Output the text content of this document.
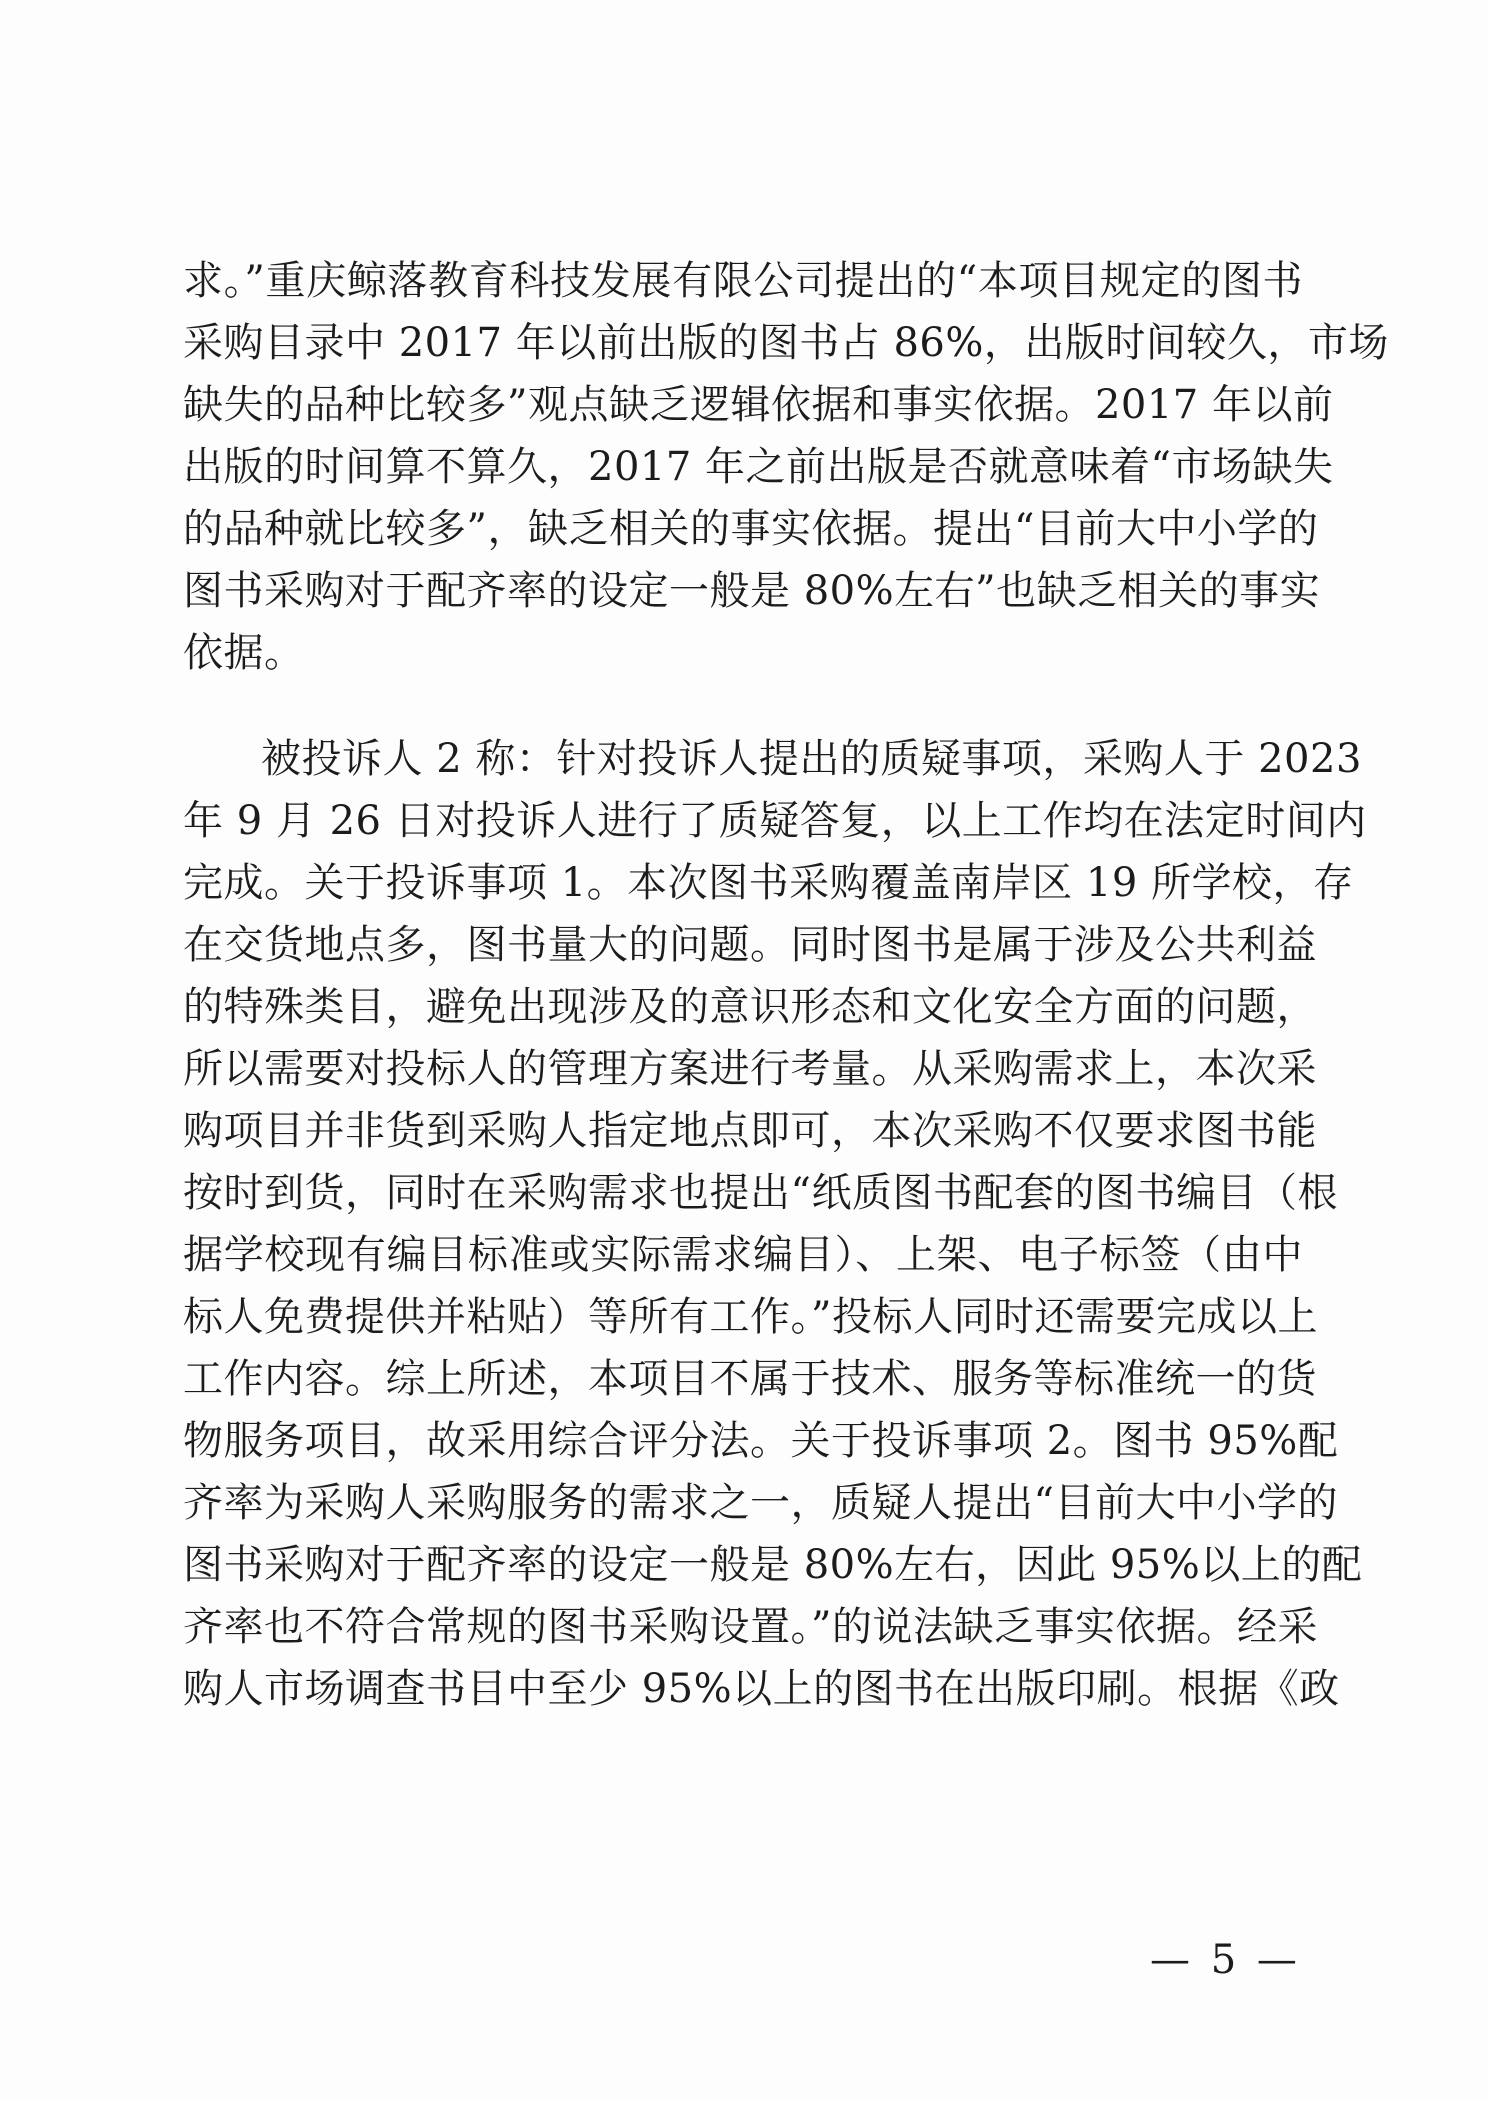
求。”重庆鲸落教育科技发展有限公司提出的“本项目规定的图书
采购目录中 2017 年以前出版的图书占 86%，出版时间较久，市场
缺失的品种比较多”观点缺乏逻辑依据和事实依据。2017 年以前
出版的时间算不算久，2017 年之前出版是否就意味着“市场缺失
的品种就比较多”，缺乏相关的事实依据。提出“目前大中小学的
图书采购对于配齐率的设定一般是 80%左右”也缺乏相关的事实
依据。
被投诉人 2 称：针对投诉人提出的质疑事项，采购人于 2023
年 9 月 26 日对投诉人进行了质疑答复，以上工作均在法定时间内
完成。关于投诉事项 1。本次图书采购覆盖南岸区 19 所学校，存
在交货地点多，图书量大的问题。同时图书是属于涉及公共利益
的特殊类目，避免出现涉及的意识形态和文化安全方面的问题，
所以需要对投标人的管理方案进行考量。从采购需求上，本次采
购项目并非货到采购人指定地点即可，本次采购不仅要求图书能
按时到货，同时在采购需求也提出“纸质图书配套的图书编目（根
据学校现有编目标准或实际需求编目）、上架、电子标签（由中
标人免费提供并粘贴）等所有工作。”投标人同时还需要完成以上
工作内容。综上所述，本项目不属于技术、服务等标准统一的货
物服务项目，故采用综合评分法。关于投诉事项 2。图书 95%配
齐率为采购人采购服务的需求之一，质疑人提出“目前大中小学的
图书采购对于配齐率的设定一般是 80%左右，因此 95%以上的配
齐率也不符合常规的图书采购设置。”的说法缺乏事实依据。经采
购人市场调查书目中至少 95%以上的图书在出版印刷。根据《政
— 5 —
